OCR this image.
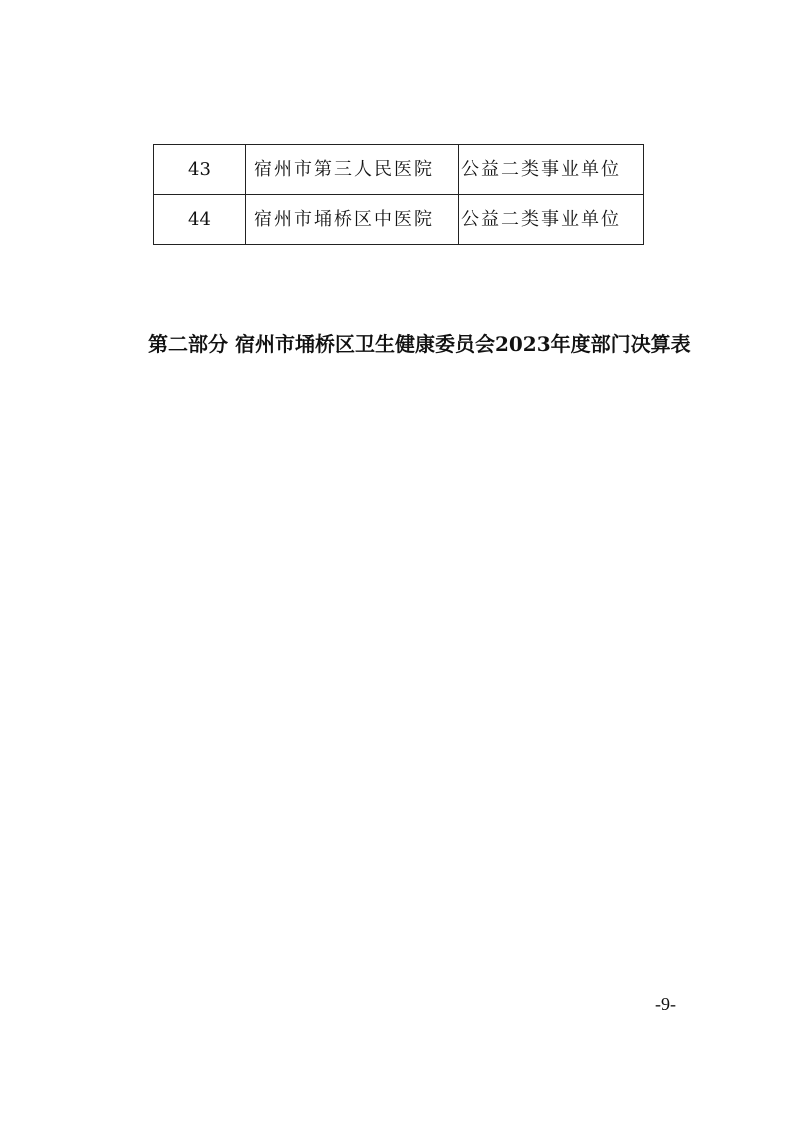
43	宿州市第三人民医院	公益二类事业单位
44	宿州市埇桥区中医院	公益二类事业单位

第二部分 宿州市埇桥区卫生健康委员会2023年度部门决算表

-9-
